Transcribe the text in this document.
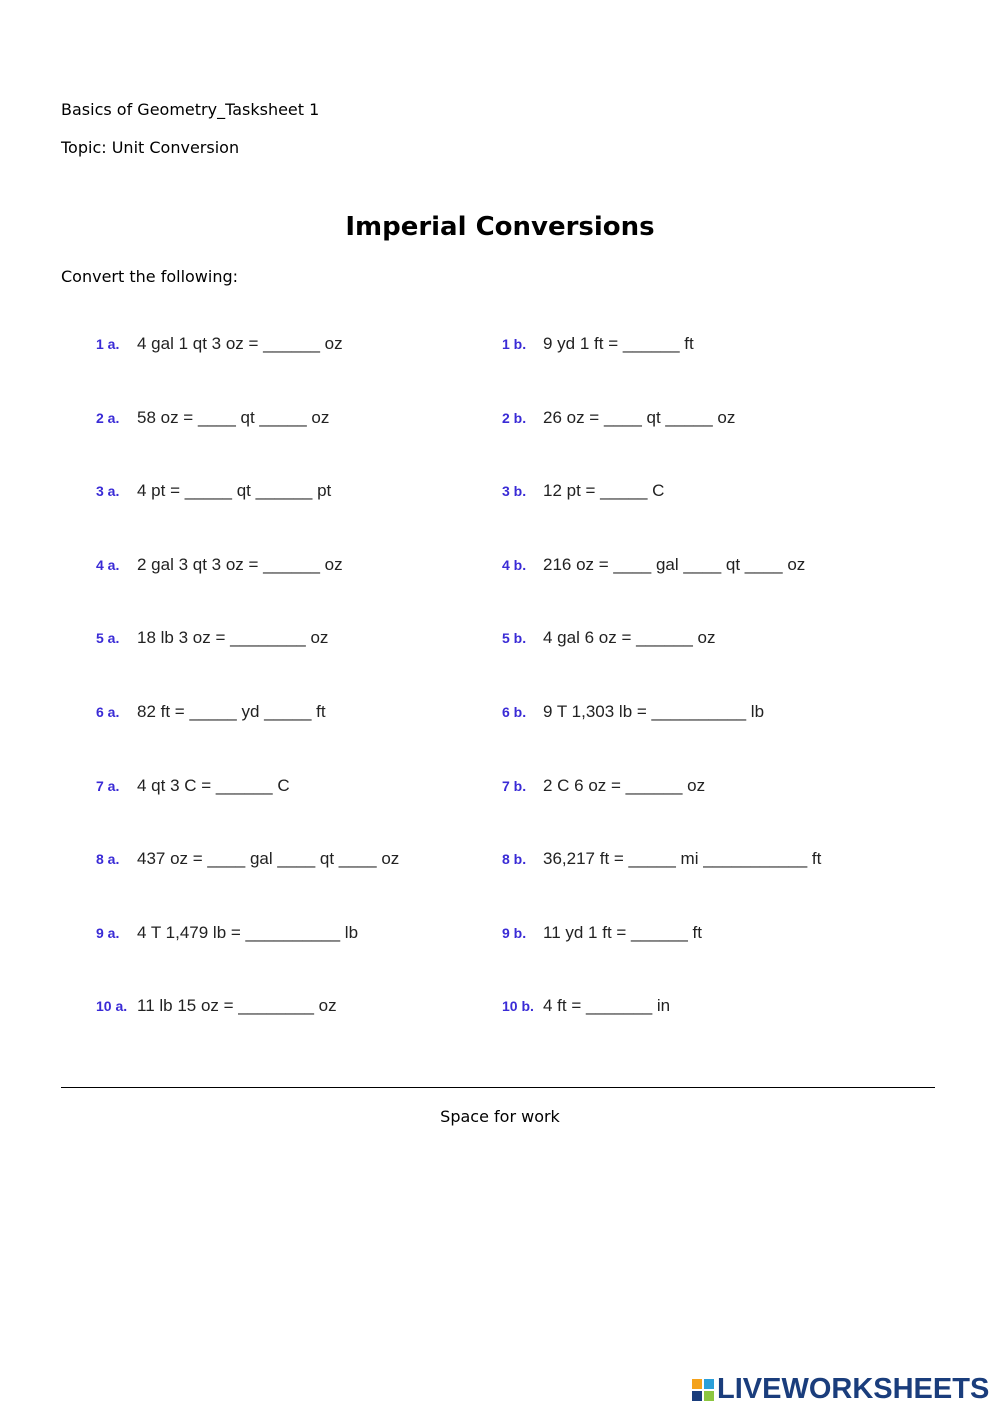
Basics of Geometry_Tasksheet 1
Topic: Unit Conversion
Imperial Conversions
Convert the following:
1 a. 4 gal 1 qt 3 oz = ______ oz	1 b. 9 yd 1 ft = ______ ft
2 a. 58 oz = ____ qt _____ oz	2 b. 26 oz = ____ qt _____ oz
3 a. 4 pt = _____ qt ______ pt	3 b. 12 pt = _____ C
4 a. 2 gal 3 qt 3 oz = ______ oz	4 b. 216 oz = ____ gal ____ qt ____ oz
5 a. 18 lb 3 oz = ________ oz	5 b. 4 gal 6 oz = ______ oz
6 a. 82 ft = _____ yd _____ ft	6 b. 9 T 1,303 lb = __________ lb
7 a. 4 qt 3 C = ______ C	7 b. 2 C 6 oz = ______ oz
8 a. 437 oz = ____ gal ____ qt ____ oz	8 b. 36,217 ft = _____ mi ___________ ft
9 a. 4 T 1,479 lb = __________ lb	9 b. 11 yd 1 ft = ______ ft
10 a. 11 lb 15 oz = ________ oz	10 b. 4 ft = _______ in
Space for work
LIVEWORKSHEETS
